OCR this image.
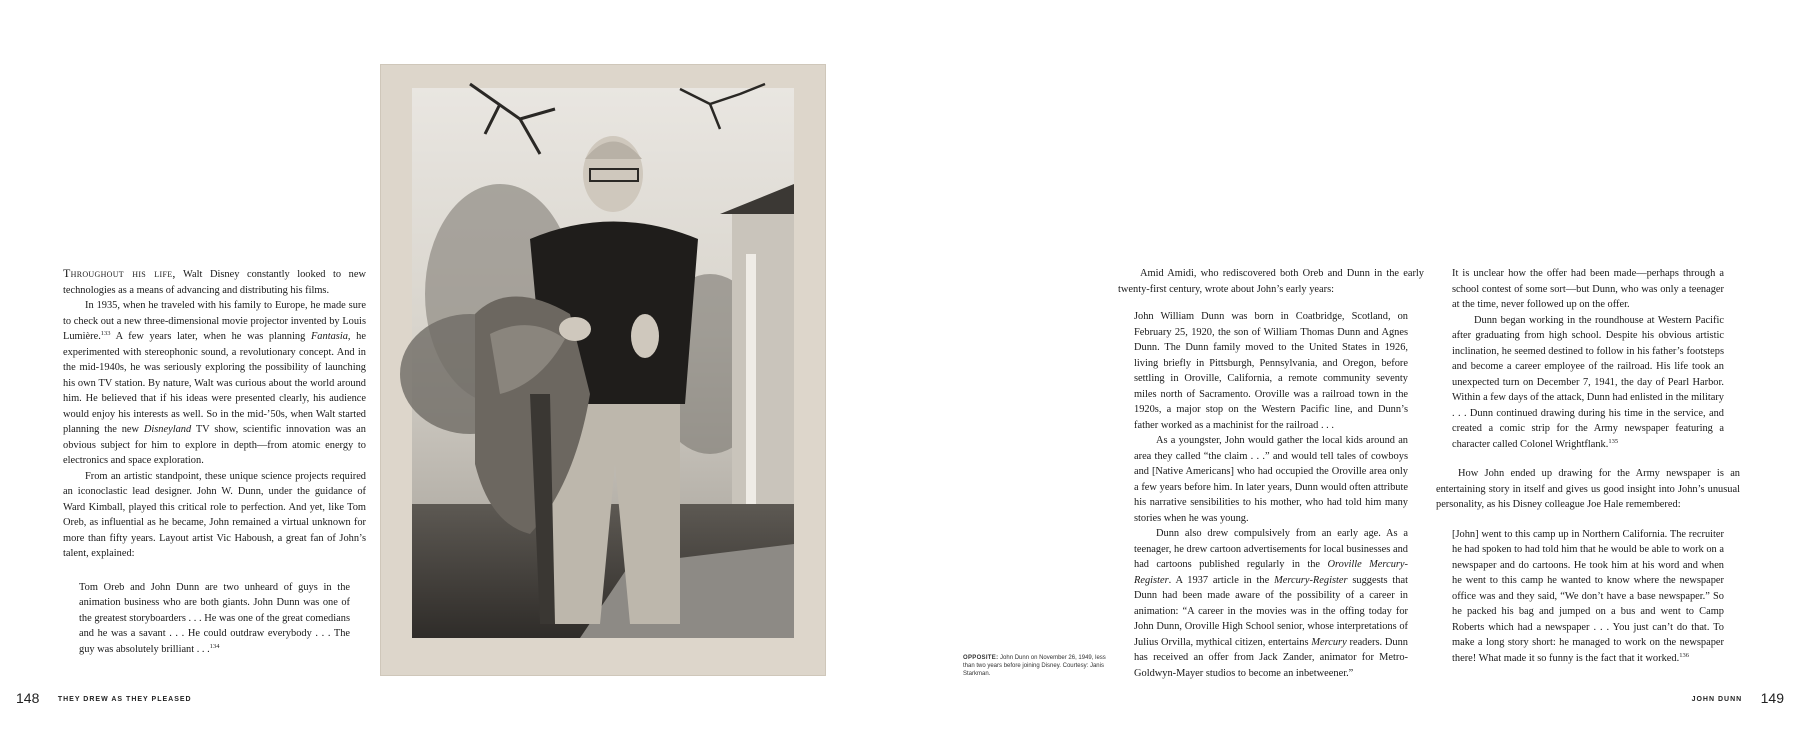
Throughout his life, Walt Disney constantly looked to new technologies as a means of advancing and distributing his films.

In 1935, when he traveled with his family to Europe, he made sure to check out a new three-dimensional movie projector invented by Louis Lumière.$^{133}$ A few years later, when he was planning Fantasia, he experimented with stereophonic sound, a revolutionary concept. And in the mid-1940s, he was seriously exploring the possibility of launching his own TV station. By nature, Walt was curious about the world around him. He believed that if his ideas were presented clearly, his audience would enjoy his interests as well. So in the mid-’50s, when Walt started planning the new Disneyland TV show, scientific innovation was an obvious subject for him to explore in depth—from atomic energy to electronics and space exploration.

From an artistic standpoint, these unique science projects required an iconoclastic lead designer. John W. Dunn, under the guidance of Ward Kimball, played this critical role to perfection. And yet, like Tom Oreb, as influential as he became, John remained a virtual unknown for more than fifty years. Layout artist Vic Haboush, a great fan of John’s talent, explained:

Tom Oreb and John Dunn are two unheard of guys in the animation business who are both giants. John Dunn was one of the greatest storyboarders . . . He was one of the great comedians and he was a savant . . . He could outdraw everybody . . . The guy was absolutely brilliant . . .$^{134}$

OPPOSITE: John Dunn on November 26, 1949, less than two years before joining Disney. Courtesy: Janis Starkman.

Amid Amidi, who rediscovered both Oreb and Dunn in the early twenty-first century, wrote about John’s early years:

John William Dunn was born in Coatbridge, Scotland, on February 25, 1920, the son of William Thomas Dunn and Agnes Dunn. The Dunn family moved to the United States in 1926, living briefly in Pittsburgh, Pennsylvania, and Oregon, before settling in Oroville, California, a remote community seventy miles north of Sacramento. Oroville was a railroad town in the 1920s, a major stop on the Western Pacific line, and Dunn’s father worked as a machinist for the railroad . . .

As a youngster, John would gather the local kids around an area they called “the claim . . .” and would tell tales of cowboys and [Native Americans] who had occupied the Oroville area only a few years before him. In later years, Dunn would often attribute his narrative sensibilities to his mother, who had told him many stories when he was young.

Dunn also drew compulsively from an early age. As a teenager, he drew cartoon advertisements for local businesses and had cartoons published regularly in the Oroville Mercury-Register. A 1937 article in the Mercury-Register suggests that Dunn had been made aware of the possibility of a career in animation: “A career in the movies was in the offing today for John Dunn, Oroville High School senior, whose interpretations of Julius Orvilla, mythical citizen, entertains Mercury readers. Dunn has received an offer from Jack Zander, animator for Metro-Goldwyn-Mayer studios to become an inbetweener.”

It is unclear how the offer had been made—perhaps through a school contest of some sort—but Dunn, who was only a teenager at the time, never followed up on the offer.

Dunn began working in the roundhouse at Western Pacific after graduating from high school. Despite his obvious artistic inclination, he seemed destined to follow in his father’s footsteps and become a career employee of the railroad. His life took an unexpected turn on December 7, 1941, the day of Pearl Harbor. Within a few days of the attack, Dunn had enlisted in the military . . . Dunn continued drawing during his time in the service, and created a comic strip for the Army newspaper featuring a character called Colonel Wrightflank.$^{135}$

How John ended up drawing for the Army newspaper is an entertaining story in itself and gives us good insight into John’s unusual personality, as his Disney colleague Joe Hale remembered:

[John] went to this camp up in Northern California. The recruiter he had spoken to had told him that he would be able to work on a newspaper and do cartoons. He took him at his word and when he went to this camp he wanted to know where the newspaper office was and they said, “We don’t have a base newspaper.” So he packed his bag and jumped on a bus and went to Camp Roberts which had a newspaper . . . You just can’t do that. To make a long story short: he managed to work on the newspaper there! What made it so funny is the fact that it worked.$^{136}$

148	THEY DREW AS THEY PLEASED	JOHN DUNN 149
